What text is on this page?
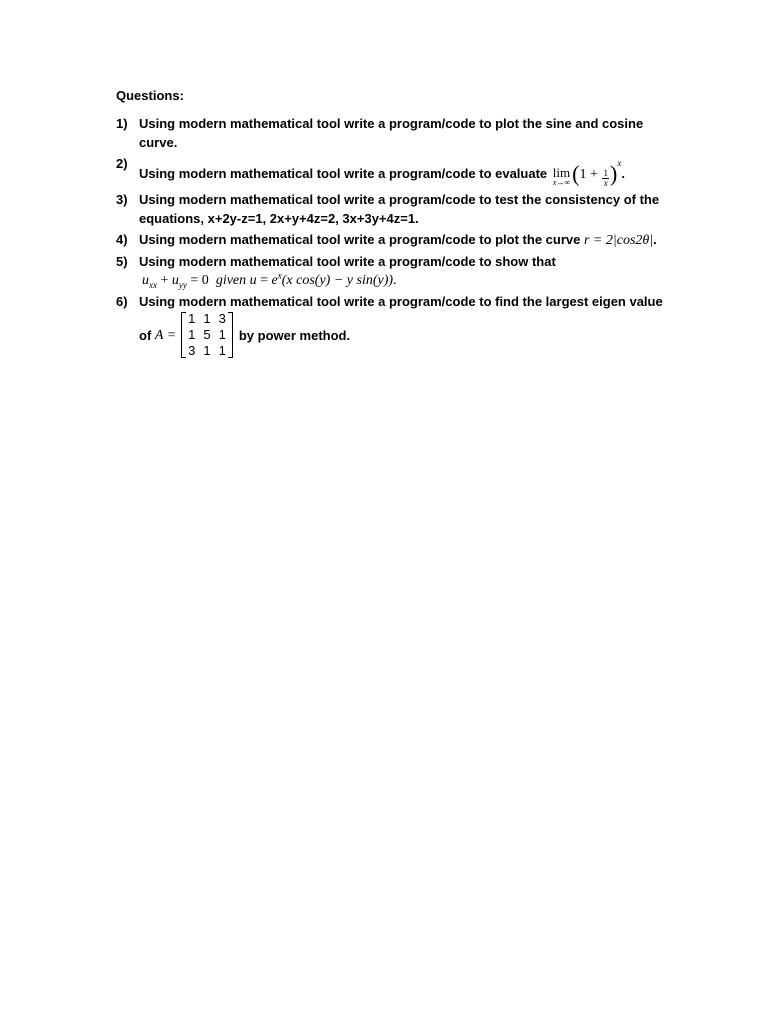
Questions:
1) Using modern mathematical tool write a program/code to plot the sine and cosine
curve.
2)
Using modern mathematical tool write a program/code to evaluate lim
x→∞ $(1 + \frac{1}{x} )^x$.
3) Using modern mathematical tool write a program/code to test the consistency of the
equations, x+2y-z=1, 2x+y+4z=2, 3x+3y+4z=1.
4) Using modern mathematical tool write a program/code to plot the curve r = 2|cos2θ|.
5) Using modern mathematical tool write a program/code to show that
$u_{xx} + u_{yy} = 0$ given $u = e^x(x$ cos(y) − y sin(y)).
6) Using modern mathematical tool write a program/code to find the largest eigen value
of
A =
1	1	3
1	5	1
3	1	1
by power method.
